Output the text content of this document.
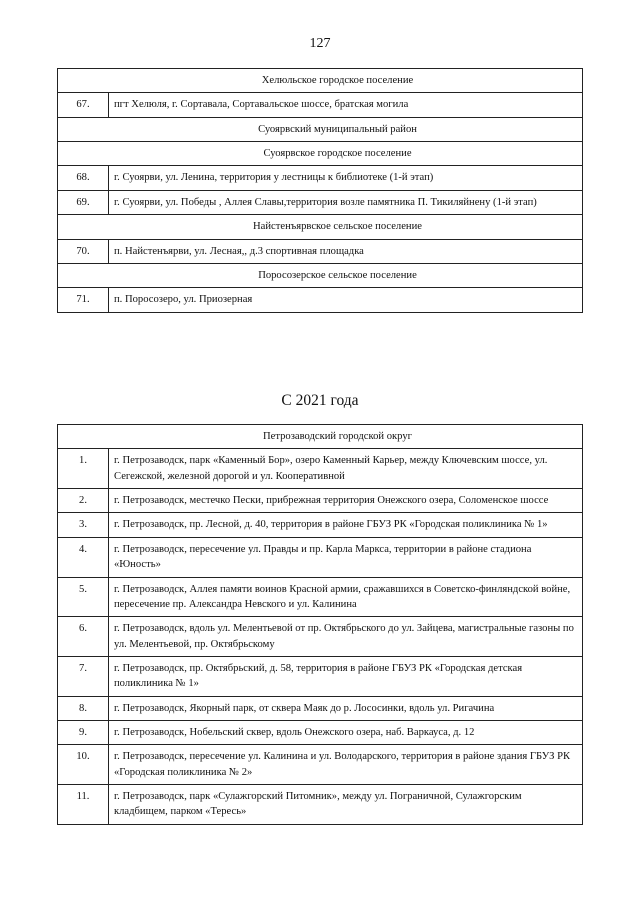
127
Хелюльское городское поселение	
67.	пгт Хелюля, г. Сортавала, Сортавальское шоссе, братская могила
Суоярвский муниципальный район	
Суоярвское городское поселение	
68.	г. Суоярви, ул. Ленина, территория у лестницы к библиотеке (1-й этап)
69.	г. Суоярви, ул. Победы , Аллея Славы,территория возле памятника П. Тикиляйнену (1-й этап)
Найстенъярвское сельское поселение	
70.	п. Найстенъярви, ул. Лесная,, д.3 спортивная площадка
Поросозерское сельское поселение	
71.	п. Поросозеро, ул. Приозерная
С 2021 года
Петрозаводский городской округ	
1.	г. Петрозаводск, парк «Каменный Бор», озеро Каменный Карьер, между Ключевским шоссе, ул. Сегежской, железной дорогой и ул. Кооперативной
2.	г. Петрозаводск, местечко Пески, прибрежная территория Онежского озера, Соломенское шоссе
3.	г. Петрозаводск, пр. Лесной, д. 40, территория в районе ГБУЗ РК «Городская поликлиника № 1»
4.	г. Петрозаводск, пересечение ул. Правды и пр. Карла Маркса, территории в районе стадиона «Юность»
5.	г. Петрозаводск, Аллея памяти воинов Красной армии, сражавшихся в Советско-финляндской войне, пересечение пр. Александра Невского и ул. Калинина
6.	г. Петрозаводск, вдоль ул. Мелентьевой от пр. Октябрьского до ул. Зайцева, магистральные газоны по ул. Мелентьевой, пр. Октябрьскому
7.	г. Петрозаводск, пр. Октябрьский, д. 58, территория в районе ГБУЗ РК «Городская детская поликлиника № 1»
8.	г. Петрозаводск, Якорный парк, от сквера Маяк до р. Лососинки, вдоль ул. Ригачина
9.	г. Петрозаводск, Нобельский сквер, вдоль Онежского озера, наб. Варкауса, д. 12
10.	г. Петрозаводск, пересечение ул. Калинина и ул. Володарского, территория в районе здания ГБУЗ РК «Городская поликлиника № 2»
11.	г. Петрозаводск, парк «Сулажгорский Питомник», между ул. Пограничной, Сулажгорским кладбищем, парком «Тересь»
